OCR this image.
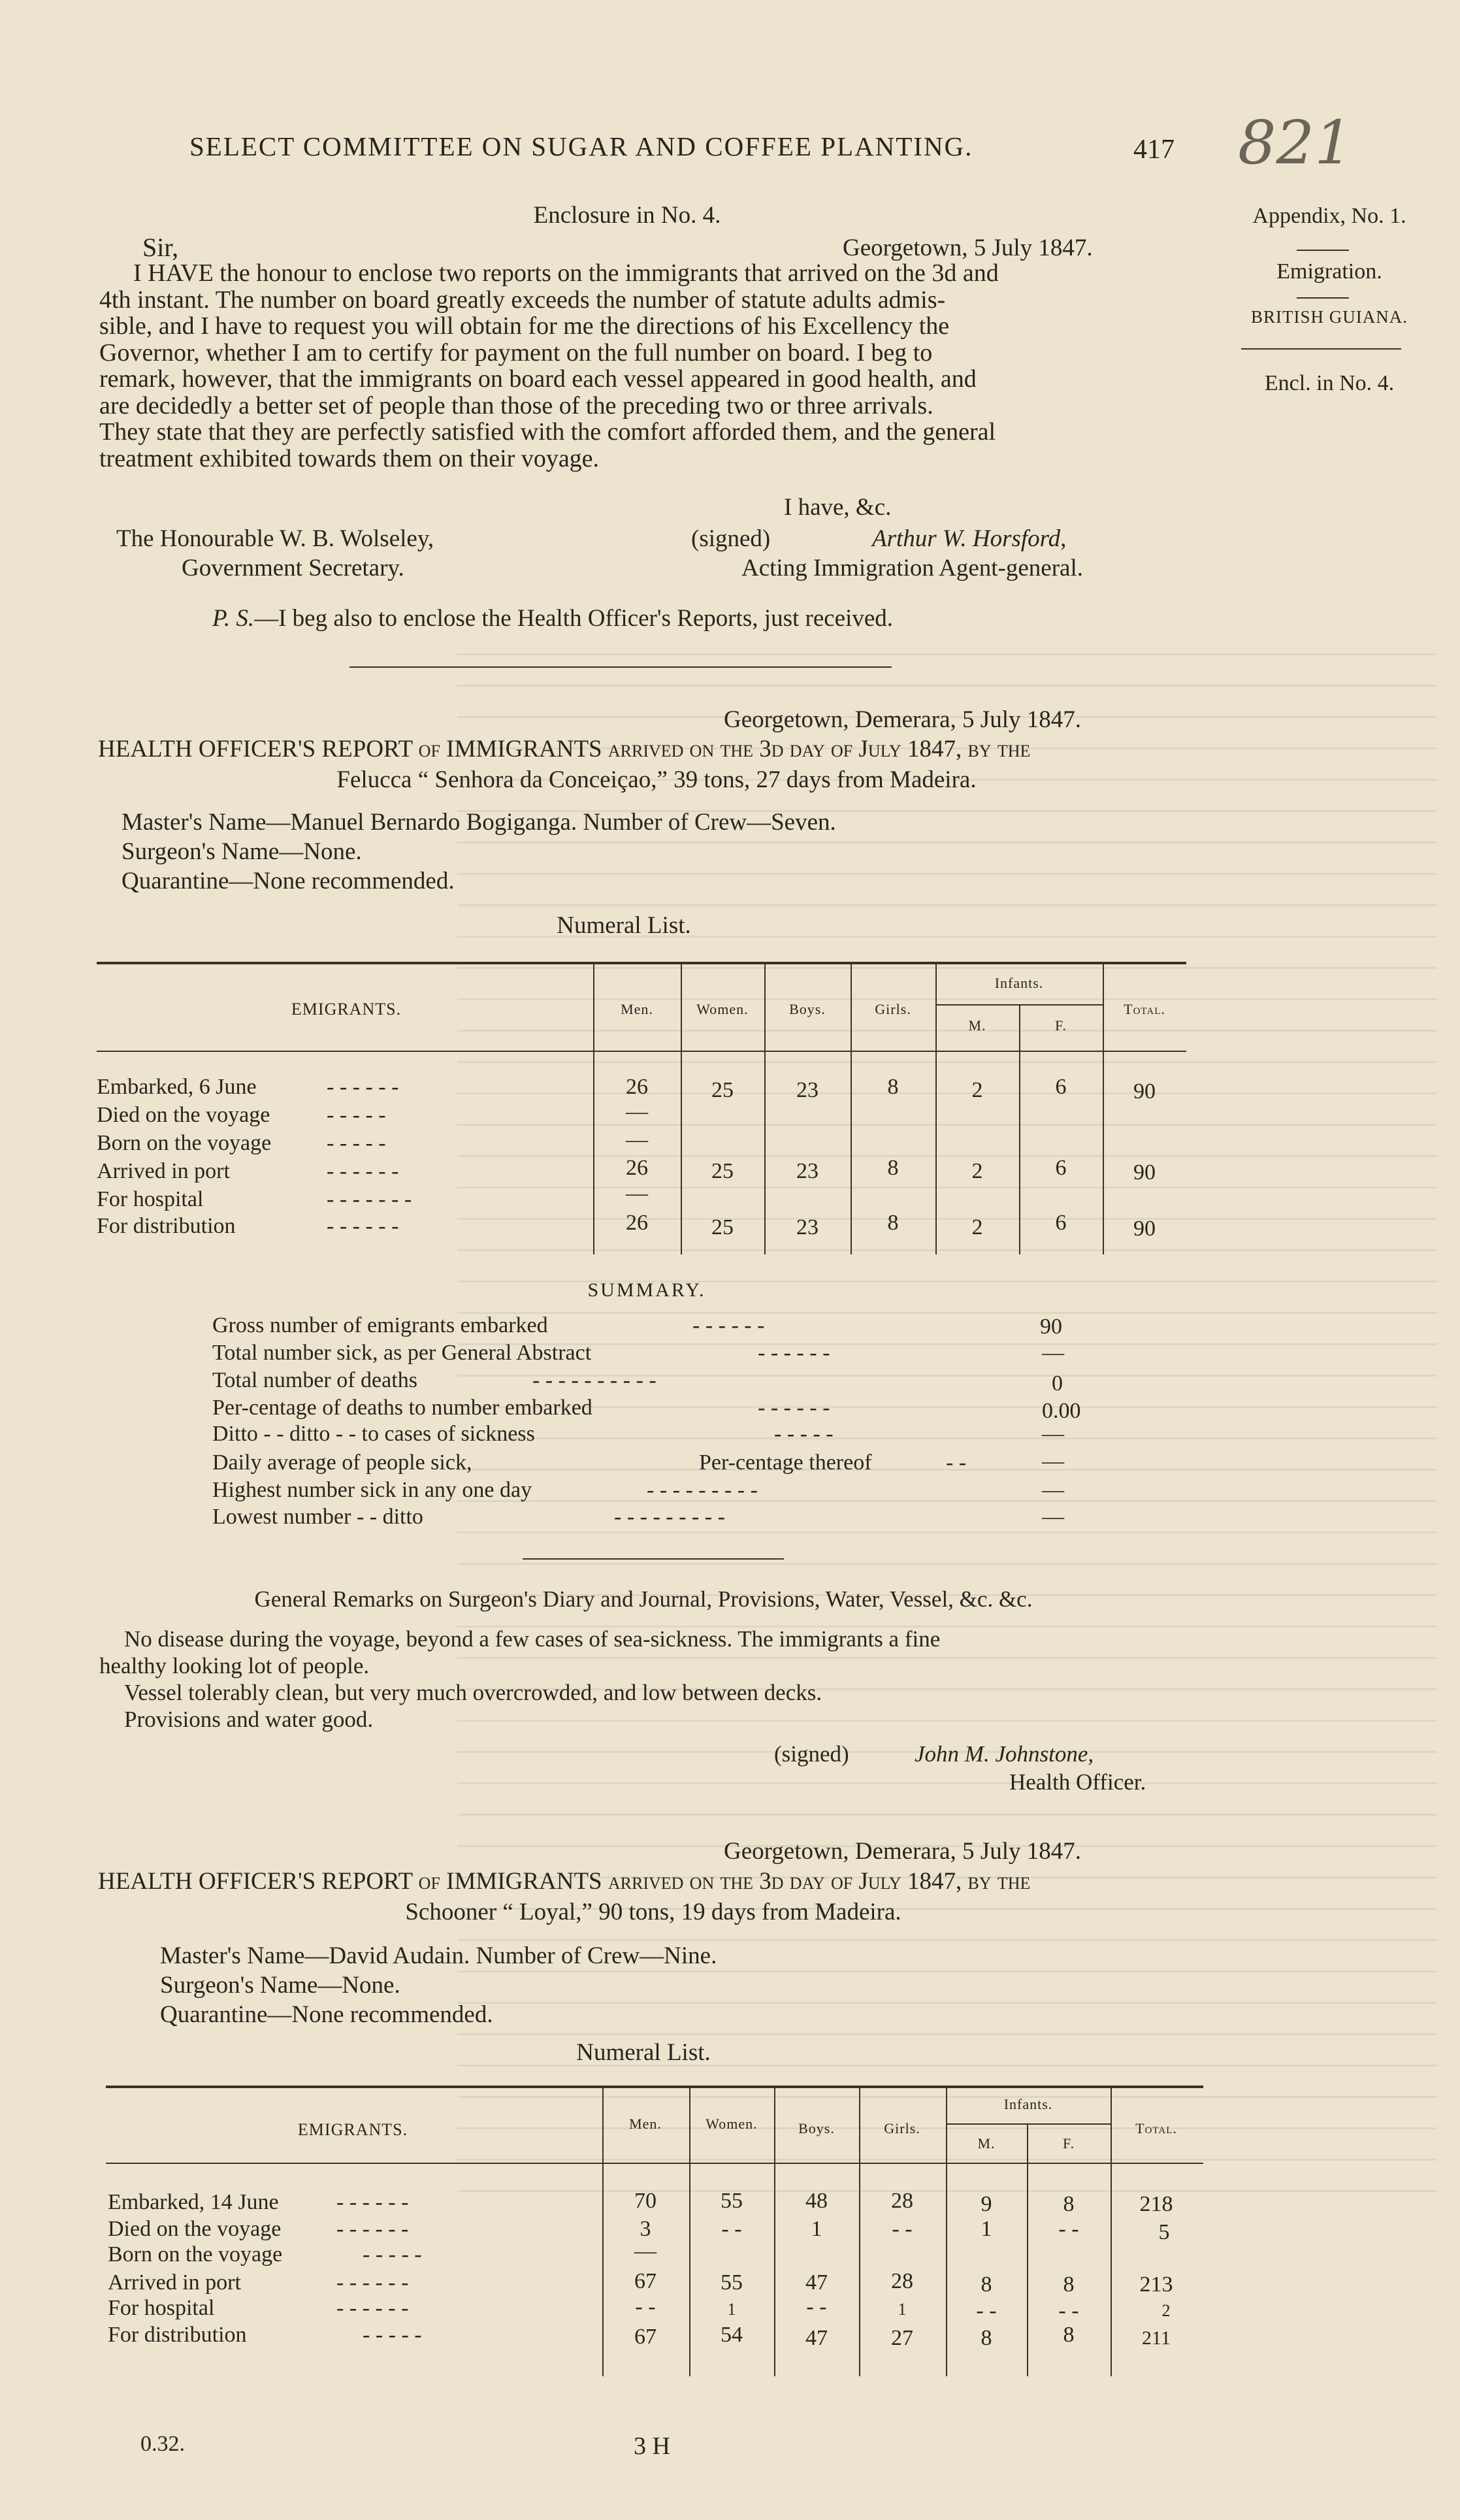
SELECT COMMITTEE ON SUGAR AND COFFEE PLANTING.	417 821
Appendix, No. 1.
Emigration.
BRITISH GUIANA.
Encl. in No. 4.
Enclosure in No. 4.
Sir,	Georgetown, 5 July 1847.
I HAVE the honour to enclose two reports on the immigrants that arrived on the 3d and
4th instant. The number on board greatly exceeds the number of statute adults admis-
sible, and I have to request you will obtain for me the directions of his Excellency the
Governor, whether I am to certify for payment on the full number on board. I beg to
remark, however, that the immigrants on board each vessel appeared in good health, and
are decidedly a better set of people than those of the preceding two or three arrivals.
They state that they are perfectly satisfied with the comfort afforded them, and the general
treatment exhibited towards them on their voyage.
I have, &c.
The Honourable W. B. Wolseley,
Government Secretary.
(signed)	Arthur W. Horsford,
Acting Immigration Agent-general.
P. S.—I beg also to enclose the Health Officer's Reports, just received.
Georgetown, Demerara, 5 July 1847.
HEALTH OFFICER'S REPORT of IMMIGRANTS arrived on the 3d day of July 1847, by the
Felucca “ Senhora da Conceiçao,” 39 tons, 27 days from Madeira.
Master's Name—Manuel Bernardo Bogiganga. Number of Crew—Seven.
Surgeon's Name—None.
Quarantine—None recommended.
Numeral List.
EMIGRANTS.	Men.	Women.	Boys.	Girls.
Infants.
M.	F.
Total.
Embarked, 6 June	- - - - - -	26	25	23	8	2	6	90
Died on the voyage	- - - - -	—
Born on the voyage - - - - -	—
Arrived in port	- - - - - -	26	25	23	8	2	6	90
For hospital	- - - - - - -	—
For distribution	- - - - - -	26	25	23	8	2	6	90
SUMMARY.
Gross number of emigrants embarked	- - - - - -	90
Total number sick, as per General Abstract	- - - - - -	—
Total number of deaths	- - - - - - - - - -	0
Per-centage of deaths to number embarked	- - - - - -	0.00
Ditto - - ditto - - to cases of sickness	- - - - -	—
Daily average of people sick,	Per-centage thereof	- -	—
Highest number sick in any one day	- - - - - - - - -	—
Lowest number - - ditto	- - - - - - - - -	—
General Remarks on Surgeon's Diary and Journal, Provisions, Water, Vessel, &c. &c.
No disease during the voyage, beyond a few cases of sea-sickness. The immigrants a fine
healthy looking lot of people.
Vessel tolerably clean, but very much overcrowded, and low between decks.
Provisions and water good.
(signed)	John M. Johnstone,
Health Officer.
Georgetown, Demerara, 5 July 1847.
HEALTH OFFICER'S REPORT of IMMIGRANTS arrived on the 3d day of July 1847, by the
Schooner “ Loyal,” 90 tons, 19 days from Madeira.
Master's Name—David Audain. Number of Crew—Nine.
Surgeon's Name—None.
Quarantine—None recommended.
Numeral List.
EMIGRANTS.	Men.	Women.	Boys.	Girls.
Infants.
M.	F.
Total.
Embarked, 14 June	- - - - - -	70	55	48	28	9	8	218
Died on the voyage - - - - - -	3	- -	1	- -	1	- -	5
Born on the voyage	- - - - -	—
Arrived in port	- - - - - -	67	55	47	28	8	8	213
For hospital	- - - - - -	- -	1	- -	1	- -	- -	2
For distribution	- - - - -	67	54	47	27	8	8	211
0.32.	3 H
